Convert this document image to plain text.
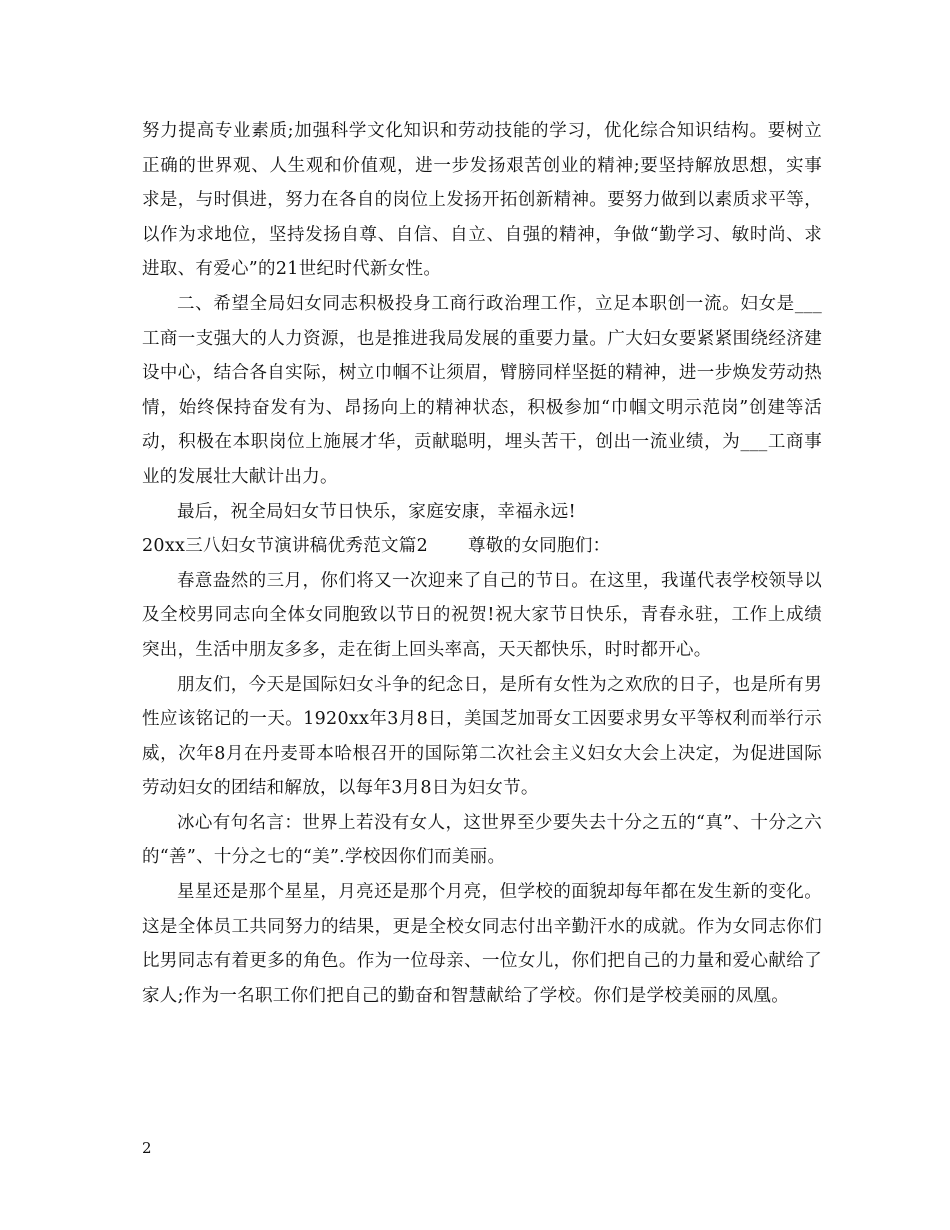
努力提高专业素质;加强科学文化知识和劳动技能的学习，优化综合知识结构。要树立正确的世界观、人生观和价值观，进一步发扬艰苦创业的精神;要坚持解放思想，实事求是，与时俱进，努力在各自的岗位上发扬开拓创新精神。要努力做到以素质求平等，以作为求地位，坚持发扬自尊、自信、自立、自强的精神，争做“勤学习、敏时尚、求进取、有爱心”的21世纪时代新女性。

二、希望全局妇女同志积极投身工商行政治理工作，立足本职创一流。妇女是___工商一支强大的人力资源，也是推进我局发展的重要力量。广大妇女要紧紧围绕经济建设中心，结合各自实际，树立巾帼不让须眉，臂膀同样坚挺的精神，进一步焕发劳动热情，始终保持奋发有为、昂扬向上的精神状态，积极参加“巾帼文明示范岗”创建等活动，积极在本职岗位上施展才华，贡献聪明，埋头苦干，创出一流业绩，为___工商事业的发展壮大献计出力。

最后，祝全局妇女节日快乐，家庭安康，幸福永远!

20xx三八妇女节演讲稿优秀范文篇2 尊敬的女同胞们：

春意盎然的三月，你们将又一次迎来了自己的节日。在这里，我谨代表学校领导以及全校男同志向全体女同胞致以节日的祝贺!祝大家节日快乐，青春永驻，工作上成绩突出，生活中朋友多多，走在街上回头率高，天天都快乐，时时都开心。

朋友们，今天是国际妇女斗争的纪念日，是所有女性为之欢欣的日子，也是所有男性应该铭记的一天。1920xx年3月8日，美国芝加哥女工因要求男女平等权利而举行示威，次年8月在丹麦哥本哈根召开的国际第二次社会主义妇女大会上决定，为促进国际劳动妇女的团结和解放，以每年3月8日为妇女节。

冰心有句名言：世界上若没有女人，这世界至少要失去十分之五的“真”、十分之六的“善”、十分之七的“美”.学校因你们而美丽。

星星还是那个星星，月亮还是那个月亮，但学校的面貌却每年都在发生新的变化。这是全体员工共同努力的结果，更是全校女同志付出辛勤汗水的成就。作为女同志你们比男同志有着更多的角色。作为一位母亲、一位女儿，你们把自己的力量和爱心献给了家人;作为一名职工你们把自己的勤奋和智慧献给了学校。你们是学校美丽的凤凰。

2
